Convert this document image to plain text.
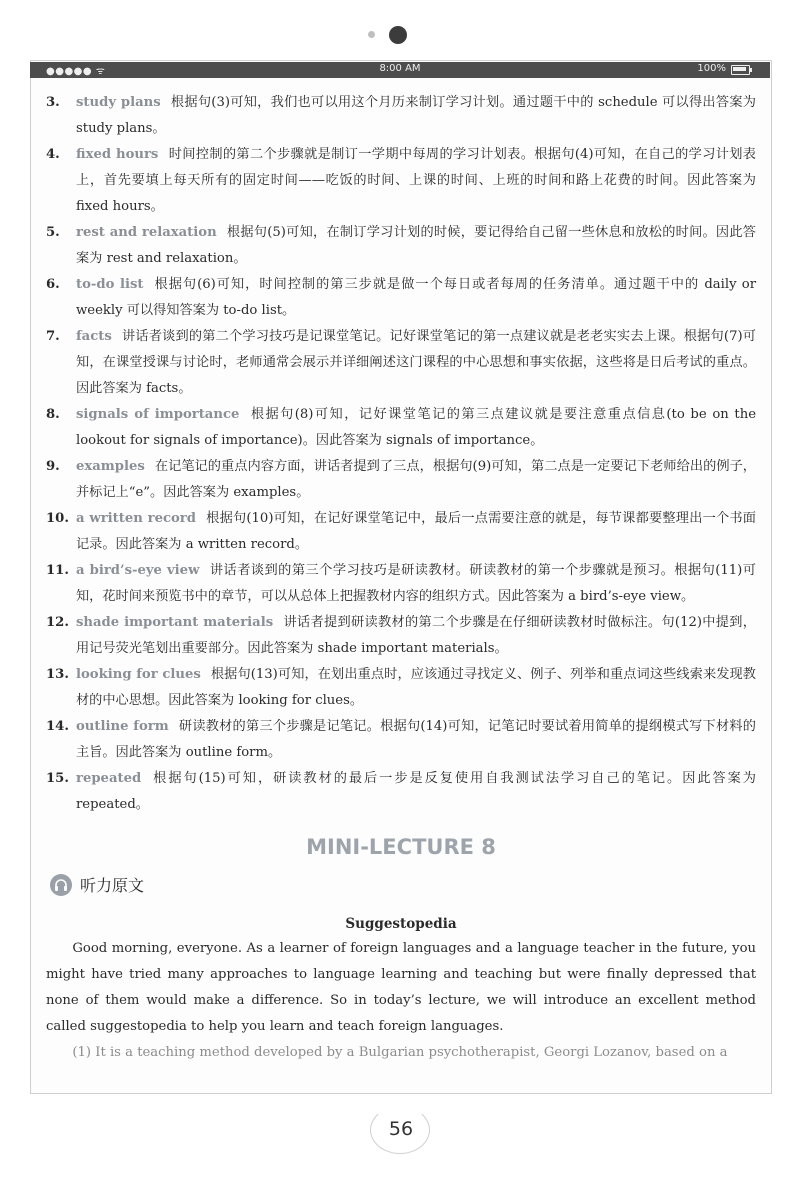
●●●●● ᯤ	8:00 AM	100%
3. study plans 根据句(3)可知，我们也可以用这个月历来制订学习计划。通过题干中的 schedule 可以得出答案为 study plans。
4. fixed hours 时间控制的第二个步骤就是制订一学期中每周的学习计划表。根据句(4)可知，在自己的学习计划表上，首先要填上每天所有的固定时间——吃饭的时间、上课的时间、上班的时间和路上花费的时间。因此答案为 fixed hours。
5. rest and relaxation 根据句(5)可知，在制订学习计划的时候，要记得给自己留一些休息和放松的时间。因此答案为 rest and relaxation。
6. to-do list 根据句(6)可知，时间控制的第三步就是做一个每日或者每周的任务清单。通过题干中的 daily or weekly 可以得知答案为 to-do list。
7. facts 讲话者谈到的第二个学习技巧是记课堂笔记。记好课堂笔记的第一点建议就是老老实实去上课。根据句(7)可知，在课堂授课与讨论时，老师通常会展示并详细阐述这门课程的中心思想和事实依据，这些将是日后考试的重点。因此答案为 facts。
8. signals of importance 根据句(8)可知，记好课堂笔记的第三点建议就是要注意重点信息(to be on the lookout for signals of importance)。因此答案为 signals of importance。
9. examples 在记笔记的重点内容方面，讲话者提到了三点，根据句(9)可知，第二点是一定要记下老师给出的例子，并标记上“e”。因此答案为 examples。
10. a written record 根据句(10)可知，在记好课堂笔记中，最后一点需要注意的就是，每节课都要整理出一个书面记录。因此答案为 a written record。
11. a bird’s-eye view 讲话者谈到的第三个学习技巧是研读教材。研读教材的第一个步骤就是预习。根据句(11)可知，花时间来预览书中的章节，可以从总体上把握教材内容的组织方式。因此答案为 a bird’s-eye view。
12. shade important materials 讲话者提到研读教材的第二个步骤是在仔细研读教材时做标注。句(12)中提到，用记号荧光笔划出重要部分。因此答案为 shade important materials。
13. looking for clues 根据句(13)可知，在划出重点时，应该通过寻找定义、例子、列举和重点词这些线索来发现教材的中心思想。因此答案为 looking for clues。
14. outline form 研读教材的第三个步骤是记笔记。根据句(14)可知，记笔记时要试着用简单的提纲模式写下材料的主旨。因此答案为 outline form。
15. repeated 根据句(15)可知，研读教材的最后一步是反复使用自我测试法学习自己的笔记。因此答案为 repeated。
MINI-LECTURE 8
听力原文
Suggestopedia

Good morning, everyone. As a learner of foreign languages and a language teacher in the future, you might have tried many approaches to language learning and teaching but were finally depressed that none of them would make a difference. So in today’s lecture, we will introduce an excellent method called suggestopedia to help you learn and teach foreign languages.

(1) It is a teaching method developed by a Bulgarian psychotherapist, Georgi Lozanov, based on a

56
